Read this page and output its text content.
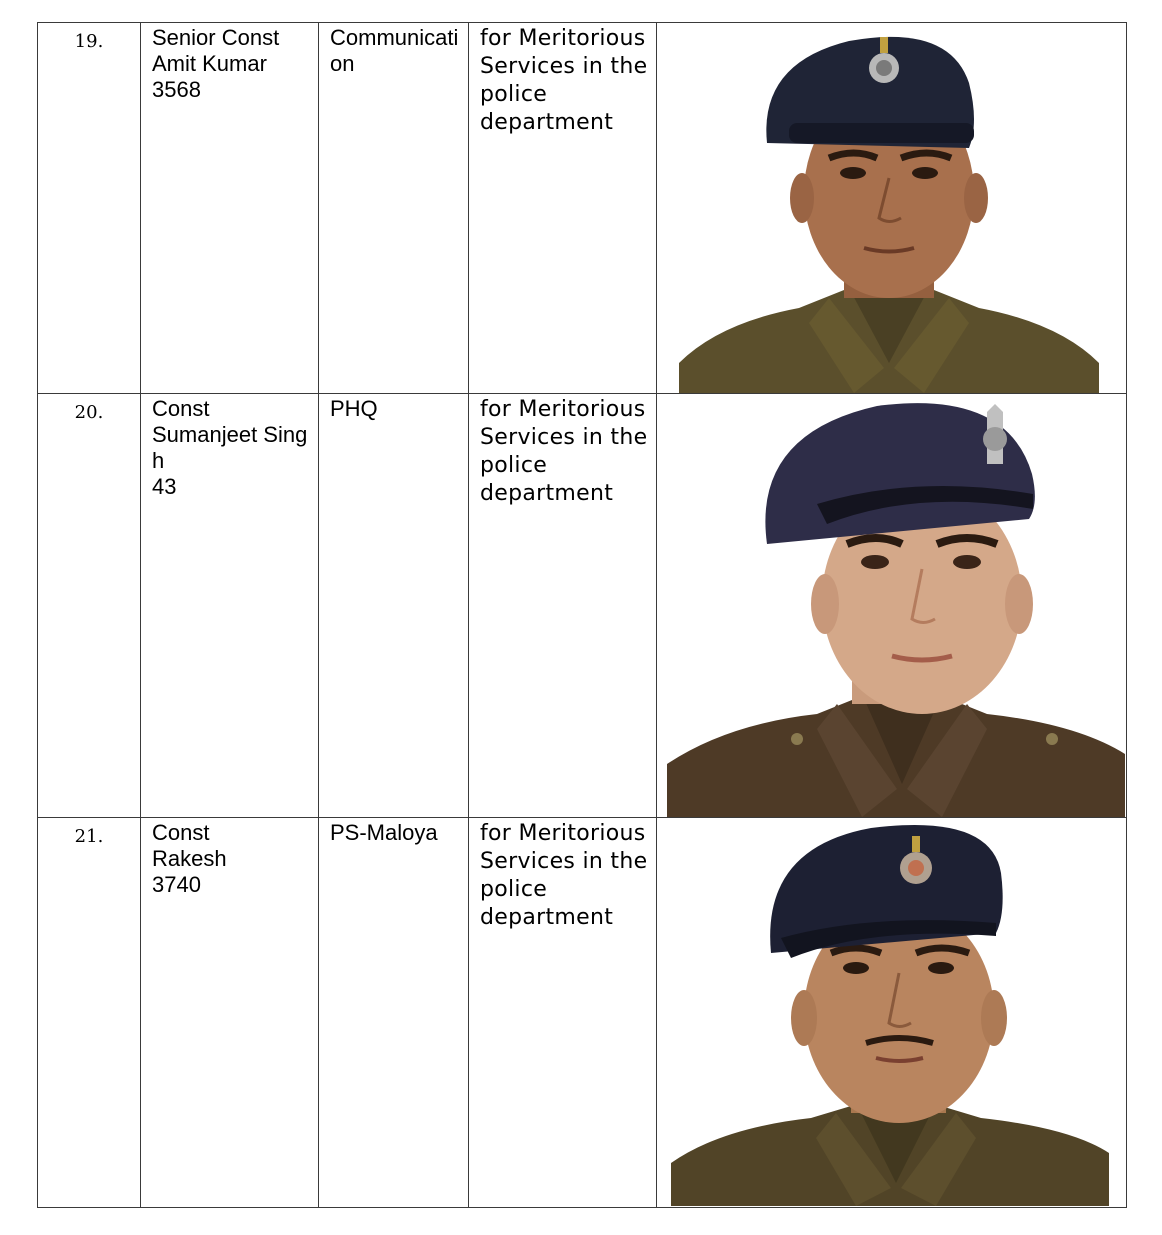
19.	Senior Const
Amit Kumar
3568	Communication	for Meritorious Services in the police department	

20.	Const
Sumanjeet Singh
43	PHQ	for Meritorious Services in the police department	

21.	Const
Rakesh
3740	PS-Maloya	for Meritorious Services in the police department	
